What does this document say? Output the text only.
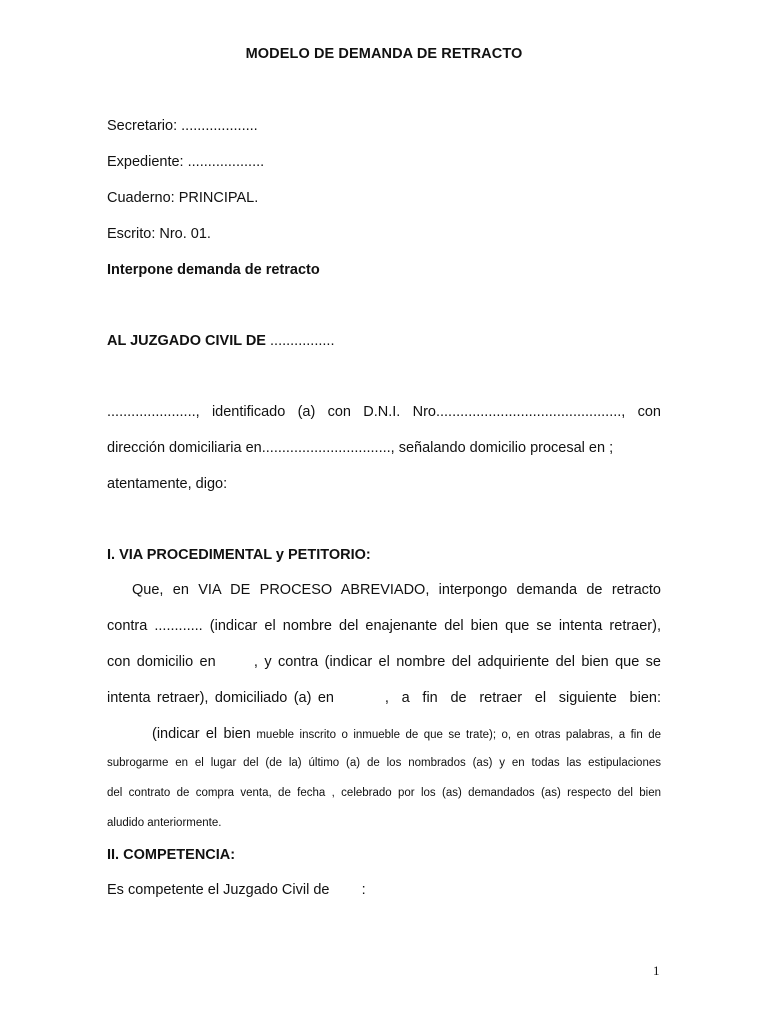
MODELO DE DEMANDA DE RETRACTO
Secretario: ...................
Expediente: ...................
Cuaderno: PRINCIPAL.
Escrito: Nro. 01.
Interpone demanda de retracto
AL JUZGADO CIVIL DE ................
......................, identificado (a) con D.N.I. Nro.............................................., con
dirección domiciliaria en................................, señalando domicilio procesal en ;
atentamente, digo:
I. VIA PROCEDIMENTAL y PETITORIO:
Que, en VIA DE PROCESO ABREVIADO, interpongo demanda de retracto
contra ............ (indicar el nombre del enajenante del bien que se intenta retraer),
con domicilio en      , y contra (indicar el nombre del adquiriente del bien que se
intenta retraer), domiciliado (a) en        ,  a  fin  de  retraer  el  siguiente  bien:
(indicar el bien mueble inscrito o inmueble de que se trate); o, en otras palabras, a fin de
subrogarme en el lugar del (de la) último (a) de los nombrados (as) y en todas las estipulaciones
del contrato de compra venta, de fecha , celebrado por los (as) demandados (as) respecto del bien
aludido anteriormente.
II. COMPETENCIA:
Es competente el Juzgado Civil de        :
1
